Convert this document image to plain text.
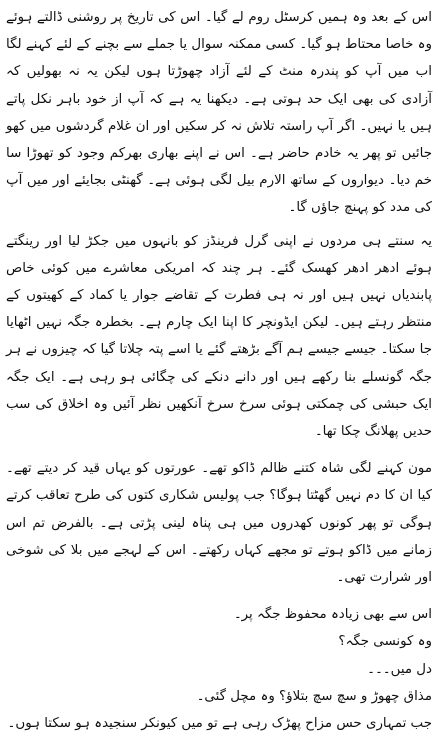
اس کے بعد وہ ہمیں کرسٹل روم لے گیا۔ اس کی تاریخ پر روشنی ڈالتے ہوئے وہ خاصا محتاط ہو گیا۔ کسی ممکنہ سوال یا جملے سے بچنے کے لئے کہنے لگا اب میں آپ کو پندرہ منٹ کے لئے آزاد چھوڑتا ہوں لیکن یہ نہ بھولیں کہ آزادی کی بھی ایک حد ہوتی ہے۔ دیکھنا یہ ہے کہ آپ از خود باہر نکل پاتے ہیں یا نہیں۔ اگر آپ راستہ تلاش نہ کر سکیں اور ان غلام گردشوں میں کھو جائیں تو پھر یہ خادم حاضر ہے۔ اس نے اپنے بھاری بھرکم وجود کو تھوڑا سا خم دیا۔ دیواروں کے ساتھ الارم بیل لگی ہوئی ہے۔ گھنٹی بجایئے اور میں آپ کی مدد کو پہنچ جاؤں گا۔

یہ سنتے ہی مردوں نے اپنی گرل فرینڈز کو بانہوں میں جکڑ لیا اور رینگتے ہوئے ادھر ادھر کھسک گئے۔ ہر چند کہ امریکی معاشرے میں کوئی خاص پابندیاں نہیں ہیں اور نہ ہی فطرت کے تقاضے جوار یا کماد کے کھیتوں کے منتظر رہتے ہیں۔ لیکن ایڈونچر کا اپنا ایک چارم ہے۔ بخطرہ جگہ نہیں اٹھایا جا سکتا۔ جیسے جیسے ہم آگے بڑھتے گئے یا اسے پتہ چلاتا گیا کہ چیزوں نے ہر جگہ گونسلے بنا رکھے ہیں اور دانے دنکے کی چگائی ہو رہی ہے۔ ایک جگہ ایک حبشی کی چمکتی ہوئی سرخ سرخ آنکھیں نظر آئیں وہ اخلاق کی سب حدیں پھلانگ چکا تھا۔

مون کہنے لگی شاہ کتنے ظالم ڈاکو تھے۔ عورتوں کو یہاں قید کر دیتے تھے۔ کیا ان کا دم نہیں گھٹتا ہوگا؟ جب پولیس شکاری کتوں کی طرح تعاقب کرتے ہوگی تو پھر کونوں کھدروں میں ہی پناہ لینی پڑتی ہے۔ بالفرض تم اس زمانے میں ڈاکو ہوتے تو مجھے کہاں رکھتے۔ اس کے لہجے میں بلا کی شوخی اور شرارت تھی۔

اس سے بھی زیادہ محفوظ جگہ پر۔

وہ کونسی جگہ؟

دل میں۔۔۔

مذاق چھوڑ و سچ سچ بتلاؤ؟ وہ مچل گئی۔

جب تمہاری حس مزاح پھڑک رہی ہے تو میں کیونکر سنجیدہ ہو سکتا ہوں۔
